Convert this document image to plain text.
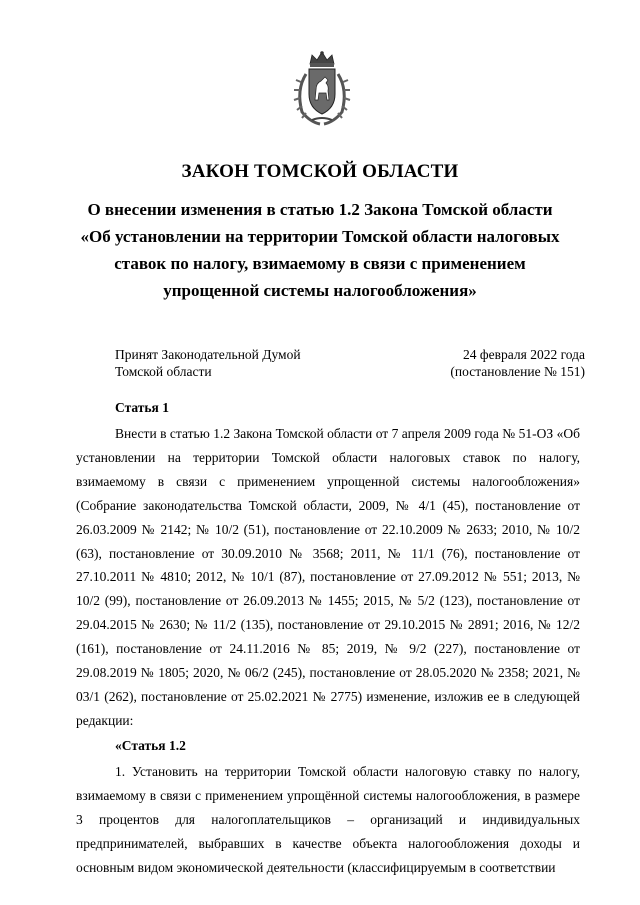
ЗАКОН ТОМСКОЙ ОБЛАСТИ
О внесении изменения в статью 1.2 Закона Томской области «Об установлении на территории Томской области налоговых ставок по налогу, взимаемому в связи с применением упрощенной системы налогообложения»
Принят Законодательной Думой
Томской области
24 февраля 2022 года
(постановление № 151)
Статья 1

Внести в статью 1.2 Закона Томской области от 7 апреля 2009 года № 51-ОЗ «Об установлении на территории Томской области налоговых ставок по налогу, взимаемому в связи с применением упрощенной системы налогообложения» (Собрание законодательства Томской области, 2009, № 4/1 (45), постановление от 26.03.2009 № 2142; № 10/2 (51), постановление от 22.10.2009 № 2633; 2010, № 10/2 (63), постановление от 30.09.2010 № 3568; 2011, № 11/1 (76), постановление от 27.10.2011 № 4810; 2012, № 10/1 (87), постановление от 27.09.2012 № 551; 2013, № 10/2 (99), постановление от 26.09.2013 № 1455; 2015, № 5/2 (123), постановление от 29.04.2015 № 2630; № 11/2 (135), постановление от 29.10.2015 № 2891; 2016, № 12/2 (161), постановление от 24.11.2016 № 85; 2019, № 9/2 (227), постановление от 29.08.2019 № 1805; 2020, № 06/2 (245), постановление от 28.05.2020 № 2358; 2021, № 03/1 (262), постановление от 25.02.2021 № 2775) изменение, изложив ее в следующей редакции:

«Статья 1.2

1. Установить на территории Томской области налоговую ставку по налогу, взимаемому в связи с применением упрощённой системы налогообложения, в размере 3 процентов для налогоплательщиков – организаций и индивидуальных предпринимателей, выбравших в качестве объекта налогообложения доходы и основным видом экономической деятельности (классифицируемым в соответствии
